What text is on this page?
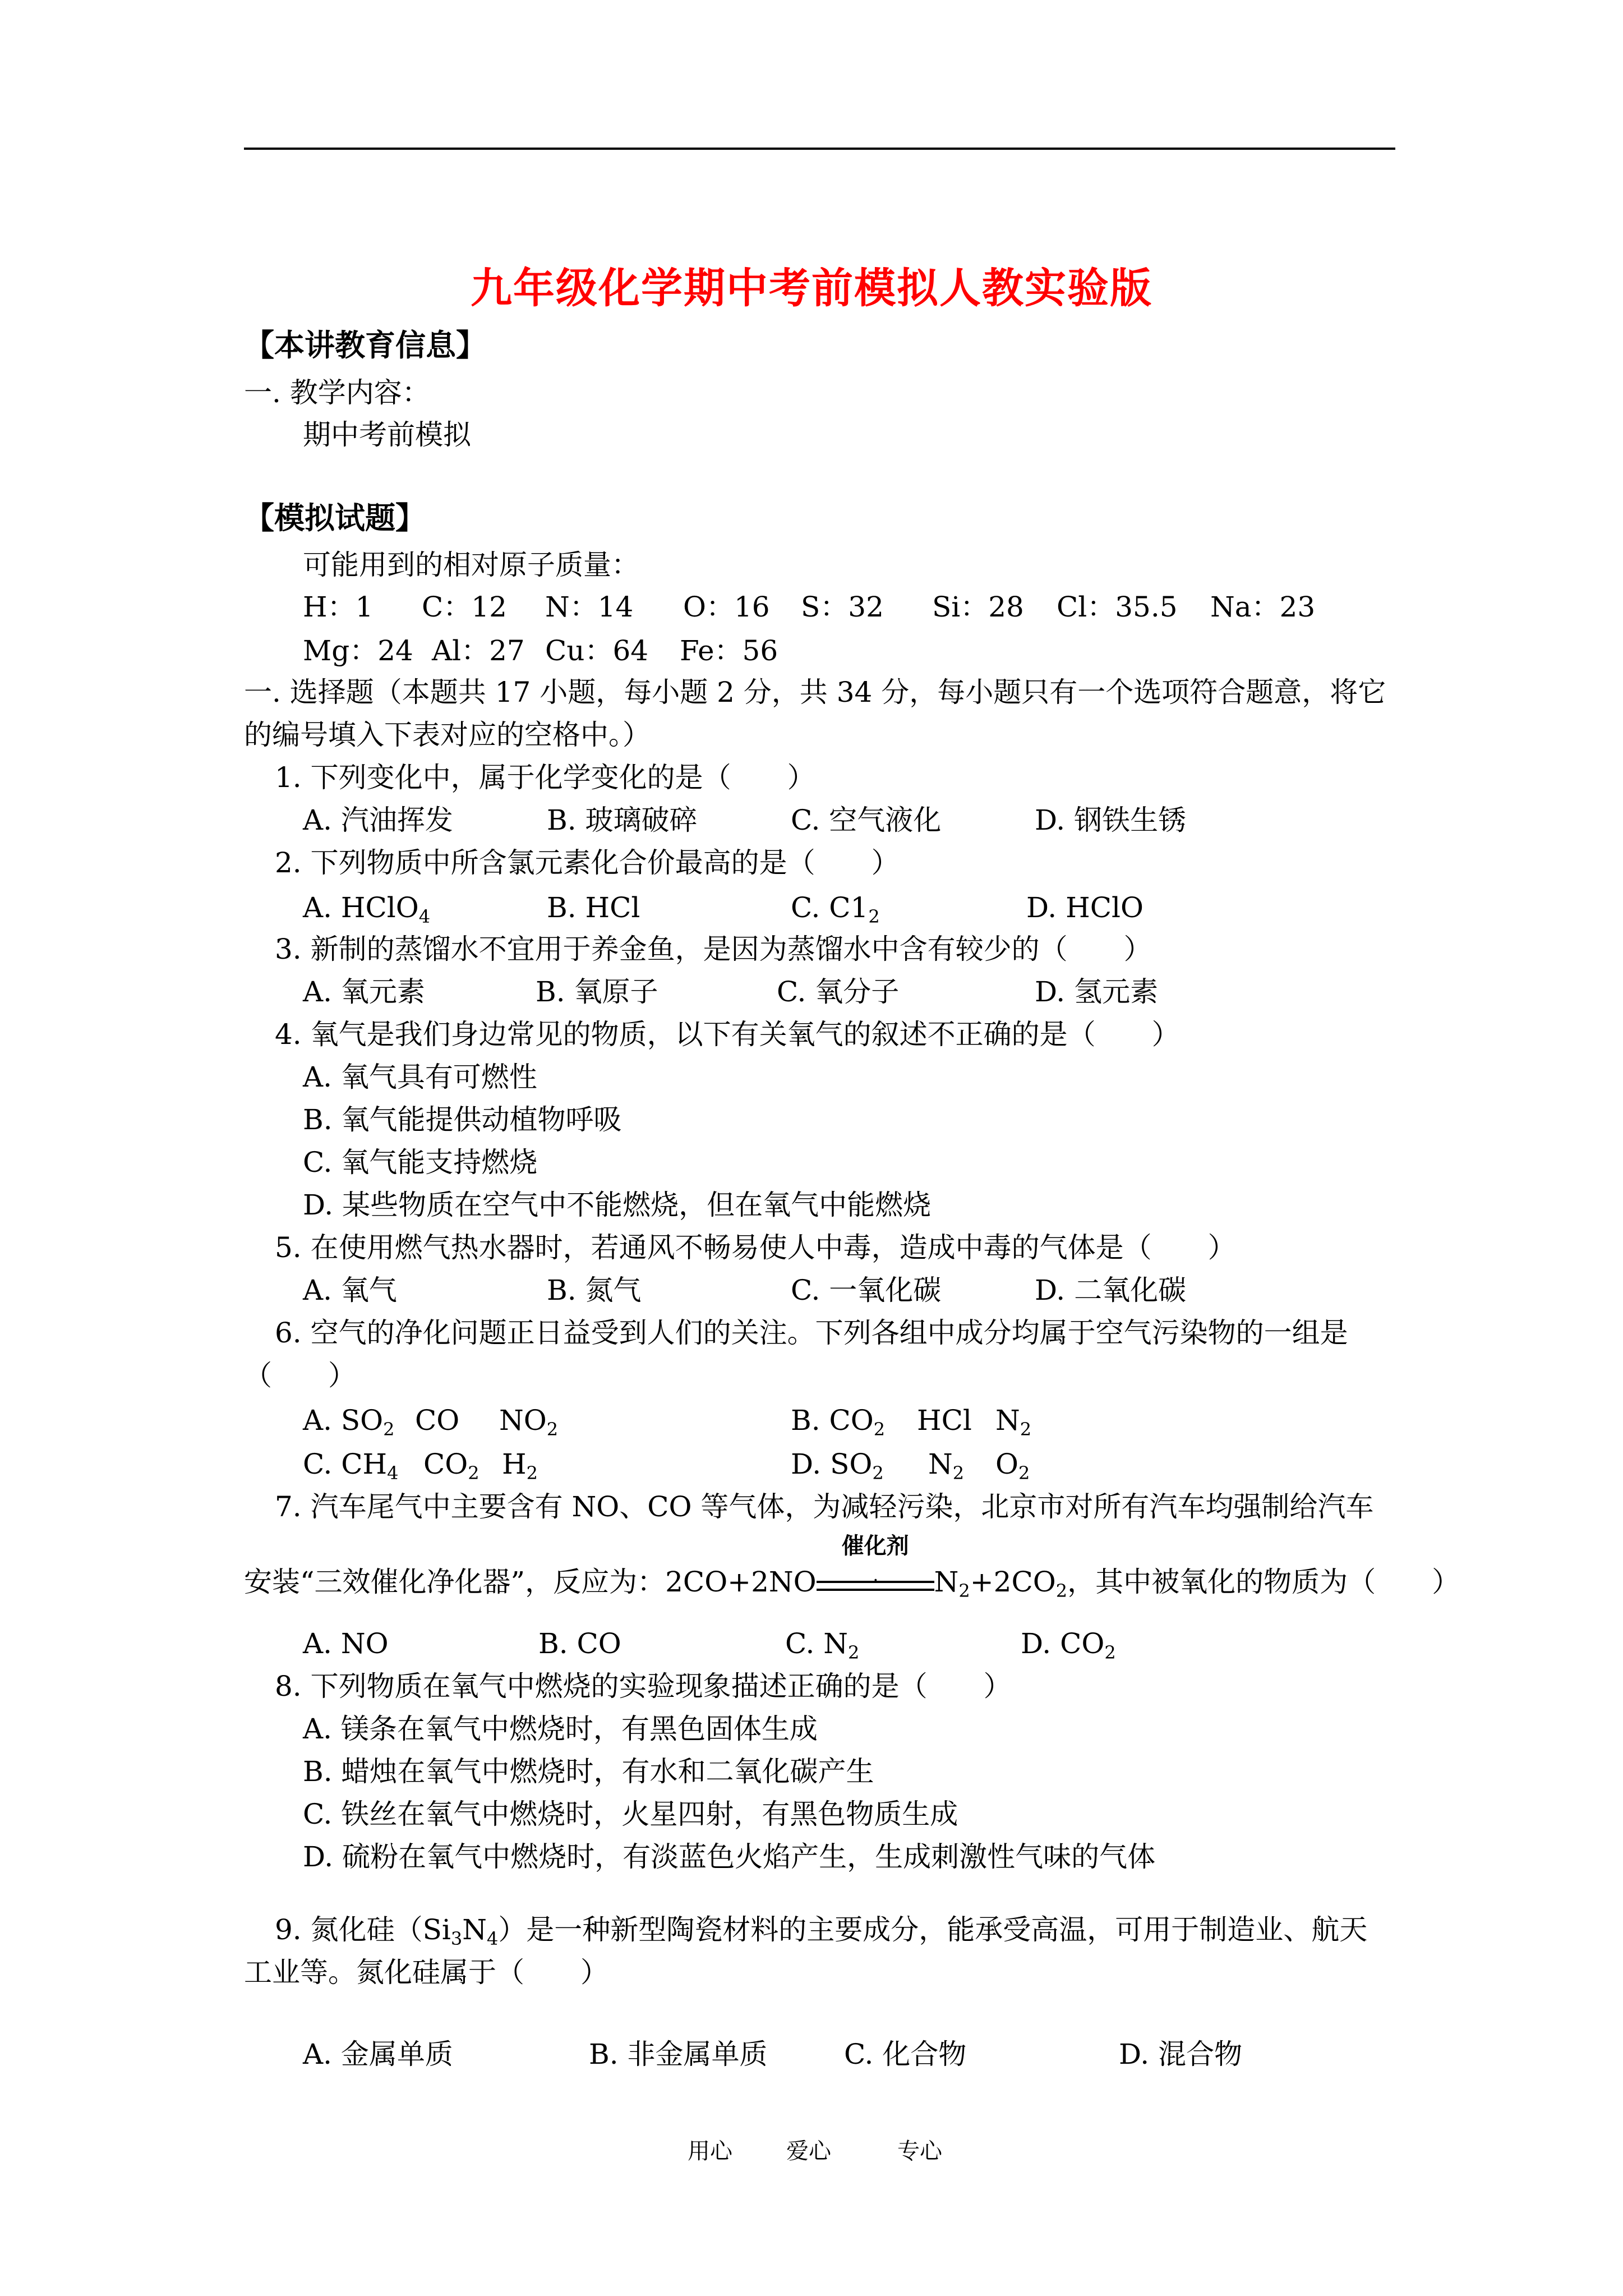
九年级化学期中考前模拟人教实验版
【本讲教育信息】
一. 教学内容：
期中考前模拟
【模拟试题】
可能用到的相对原子质量：
H：1 C：12 N：14 O：16 S：32 Si：28 Cl：35.5 Na：23
Mg：24 Al：27 Cu：64 Fe：56
一. 选择题（本题共 17 小题，每小题 2 分，共 34 分，每小题只有一个选项符合题意，将它
的编号填入下表对应的空格中。）
1. 下列变化中，属于化学变化的是（　　）
A. 汽油挥发	B. 玻璃破碎	C. 空气液化	D. 钢铁生锈
2. 下列物质中所含氯元素化合价最高的是（　　）
A. HClO$_4$	B. HCl	C. $C1_2$	D. HClO
3. 新制的蒸馏水不宜用于养金鱼，是因为蒸馏水中含有较少的（　　）
A. 氧元素	B. 氧原子	C. 氧分子	D. 氢元素
4. 氧气是我们身边常见的物质，以下有关氧气的叙述不正确的是（　　）
A. 氧气具有可燃性
B. 氧气能提供动植物呼吸
C. 氧气能支持燃烧
D. 某些物质在空气中不能燃烧，但在氧气中能燃烧
5. 在使用燃气热水器时，若通风不畅易使人中毒，造成中毒的气体是（　　）
A. 氧气	B. 氮气	C. 一氧化碳	D. 二氧化碳
6. 空气的净化问题正日益受到人们的关注。下列各组中成分均属于空气污染物的一组是
（　　）
A. $SO_2$ CO $NO_2$	B. $CO_2$ HCl $N_2$
C. $CH_4$ $CO_2$ $H_2$	D. $SO_2$ $N_2$ $O_2$
7. 汽车尾气中主要含有 NO、CO 等气体，为减轻污染，北京市对所有汽车均强制给汽车
安装“三效催化净化器”，反应为：2CO+2NO
催化剂
· $N_2+2CO_2$，其中被氧化的物质为（　　）
A. NO	B. CO	C. $N_2$	D. $CO_2$
8. 下列物质在氧气中燃烧的实验现象描述正确的是（　　）
A. 镁条在氧气中燃烧时，有黑色固体生成
B. 蜡烛在氧气中燃烧时，有水和二氧化碳产生
C. 铁丝在氧气中燃烧时，火星四射，有黑色物质生成
D. 硫粉在氧气中燃烧时，有淡蓝色火焰产生，生成刺激性气味的气体
9. 氮化硅$(Si_3N_4)$是一种新型陶瓷材料的主要成分，能承受高温，可用于制造业、航天
工业等。氮化硅属于（　　）
A. 金属单质	B. 非金属单质	C. 化合物	D. 混合物
用心 爱心	专心
